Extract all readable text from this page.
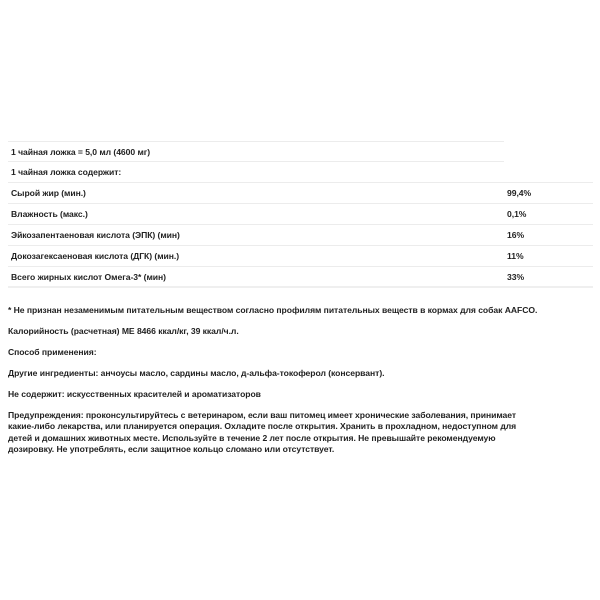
1 чайная ложка = 5,0 мл (4600 мг)
1 чайная ложка содержит:
Сырой жир (мин.)	99,4%
Влажность (макс.)	0,1%
Эйкозапентаеновая кислота (ЭПК) (мин)	16%
Докозагексаеновая кислота (ДГК) (мин.)	11%
Всего жирных кислот Омега-3* (мин)	33%

* Не признан незаменимым питательным веществом согласно профилям питательных веществ в кормах для собак AAFCO.

Калорийность (расчетная) ME 8466 ккал/кг, 39 ккал/ч.л.

Способ применения:

Другие ингредиенты: анчоусы масло, сардины масло, д-альфа-токоферол (консервант).

Не содержит: искусственных красителей и ароматизаторов

Предупреждения: проконсультируйтесь с ветеринаром, если ваш питомец имеет хронические заболевания, принимает
какие-либо лекарства, или планируется операция. Охладите после открытия. Хранить в прохладном, недоступном для
детей и домашних животных месте. Используйте в течение 2 лет после открытия. Не превышайте рекомендуемую
дозировку. Не употреблять, если защитное кольцо сломано или отсутствует.
